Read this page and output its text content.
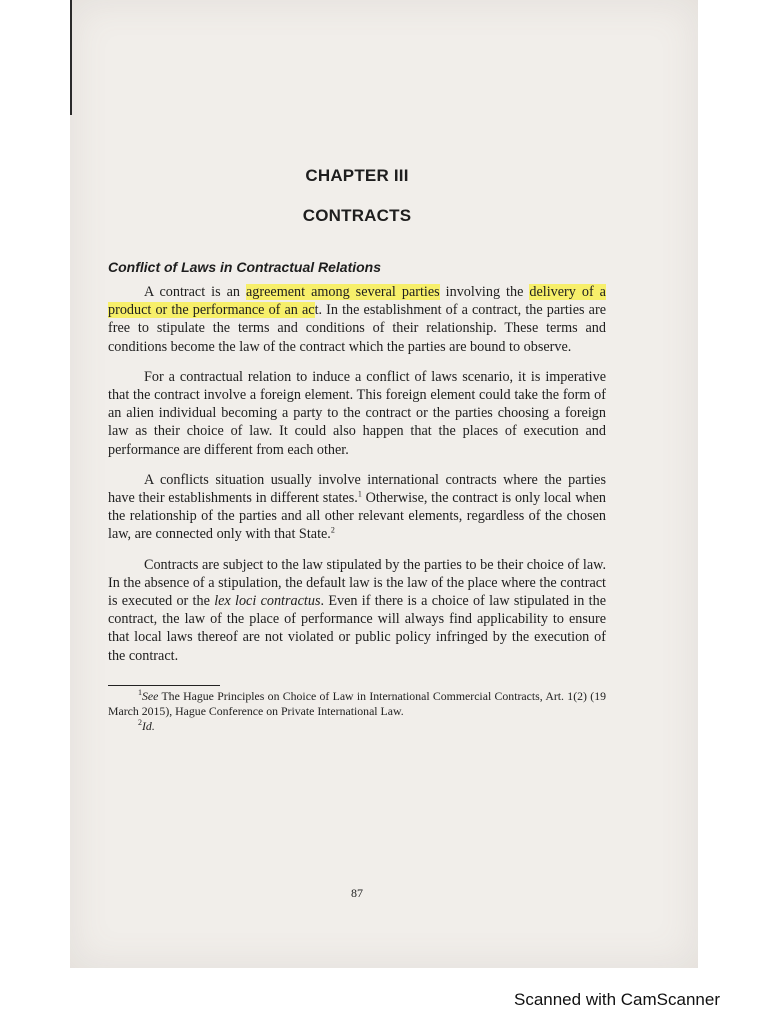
CHAPTER III
CONTRACTS
Conflict of Laws in Contractual Relations

A contract is an agreement among several parties involving the delivery of a product or the performance of an act. In the establishment of a contract, the parties are free to stipulate the terms and conditions of their relationship. These terms and conditions become the law of the contract which the parties are bound to observe.

For a contractual relation to induce a conflict of laws scenario, it is imperative that the contract involve a foreign element. This foreign element could take the form of an alien individual becoming a party to the contract or the parties choosing a foreign law as their choice of law. It could also happen that the places of execution and performance are different from each other.

A conflicts situation usually involve international contracts where the parties have their establishments in different states.$^1$ Otherwise, the contract is only local when the relationship of the parties and all other relevant elements, regardless of the chosen law, are connected only with that State.$^2$

Contracts are subject to the law stipulated by the parties to be their choice of law. In the absence of a stipulation, the default law is the law of the place where the contract is executed or the lex loci contractus. Even if there is a choice of law stipulated in the contract, the law of the place of performance will always find applicability to ensure that local laws thereof are not violated or public policy infringed by the execution of the contract.

$^1$See The Hague Principles on Choice of Law in International Commercial Contracts, Art. 1(2) (19 March 2015), Hague Conference on Private International Law.

$^2$Id.

87
Scanned with CamScanner
